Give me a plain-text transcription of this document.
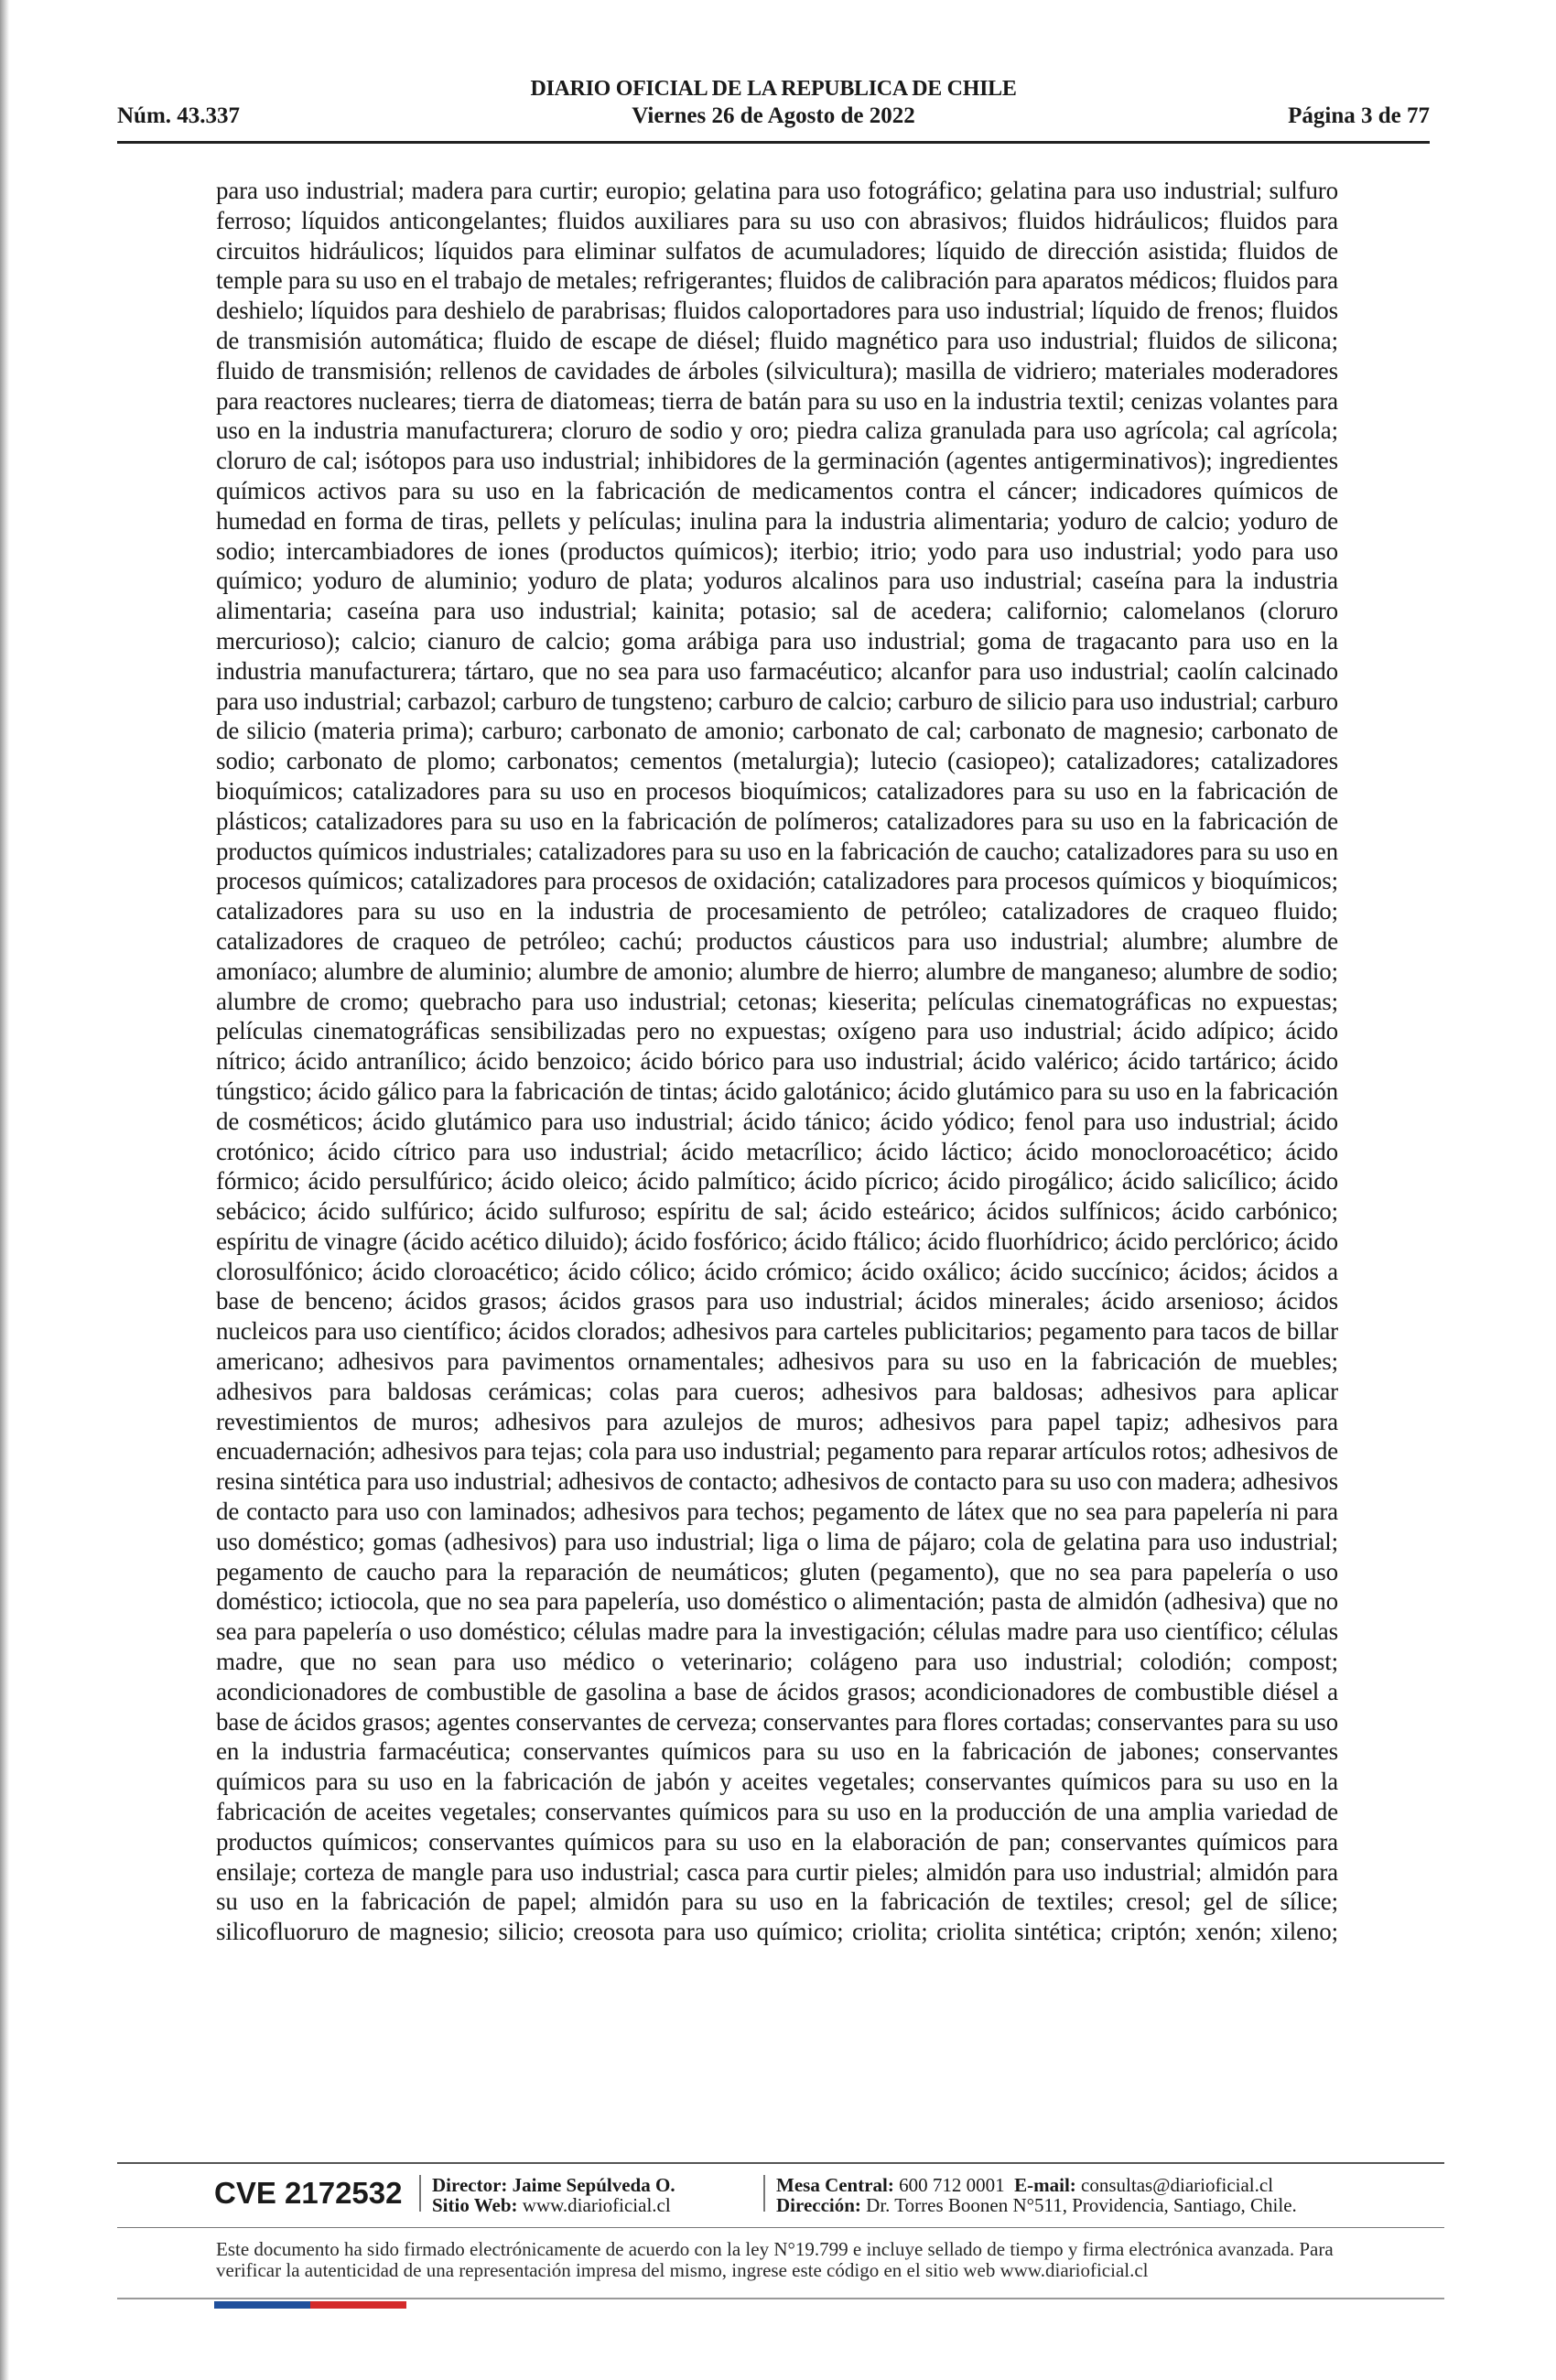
DIARIO OFICIAL DE LA REPUBLICA DE CHILE
Viernes 26 de Agosto de 2022
Núm. 43.337	Página 3 de 77
para uso industrial; madera para curtir; europio; gelatina para uso fotográfico; gelatina para uso industrial; sulfuro ferroso; líquidos anticongelantes; fluidos auxiliares para su uso con abrasivos; fluidos hidráulicos; fluidos para circuitos hidráulicos; líquidos para eliminar sulfatos de acumuladores; líquido de dirección asistida; fluidos de temple para su uso en el trabajo de metales; refrigerantes; fluidos de calibración para aparatos médicos; fluidos para deshielo; líquidos para deshielo de parabrisas; fluidos caloportadores para uso industrial; líquido de frenos; fluidos de transmisión automática; fluido de escape de diésel; fluido magnético para uso industrial; fluidos de silicona; fluido de transmisión; rellenos de cavidades de árboles (silvicultura); masilla de vidriero; materiales moderadores para reactores nucleares; tierra de diatomeas; tierra de batán para su uso en la industria textil; cenizas volantes para uso en la industria manufacturera; cloruro de sodio y oro; piedra caliza granulada para uso agrícola; cal agrícola; cloruro de cal; isótopos para uso industrial; inhibidores de la germinación (agentes antigerminativos); ingredientes químicos activos para su uso en la fabricación de medicamentos contra el cáncer; indicadores químicos de humedad en forma de tiras, pellets y películas; inulina para la industria alimentaria; yoduro de calcio; yoduro de sodio; intercambiadores de iones (productos químicos); iterbio; itrio; yodo para uso industrial; yodo para uso químico; yoduro de aluminio; yoduro de plata; yoduros alcalinos para uso industrial; caseína para la industria alimentaria; caseína para uso industrial; kainita; potasio; sal de acedera; californio; calomelanos (cloruro mercurioso); calcio; cianuro de calcio; goma arábiga para uso industrial; goma de tragacanto para uso en la industria manufacturera; tártaro, que no sea para uso farmacéutico; alcanfor para uso industrial; caolín calcinado para uso industrial; carbazol; carburo de tungsteno; carburo de calcio; carburo de silicio para uso industrial; carburo de silicio (materia prima); carburo; carbonato de amonio; carbonato de cal; carbonato de magnesio; carbonato de sodio; carbonato de plomo; carbonatos; cementos (metalurgia); lutecio (casiopeo); catalizadores; catalizadores bioquímicos; catalizadores para su uso en procesos bioquímicos; catalizadores para su uso en la fabricación de plásticos; catalizadores para su uso en la fabricación de polímeros; catalizadores para su uso en la fabricación de productos químicos industriales; catalizadores para su uso en la fabricación de caucho; catalizadores para su uso en procesos químicos; catalizadores para procesos de oxidación; catalizadores para procesos químicos y bioquímicos; catalizadores para su uso en la industria de procesamiento de petróleo; catalizadores de craqueo fluido; catalizadores de craqueo de petróleo; cachú; productos cáusticos para uso industrial; alumbre; alumbre de amoníaco; alumbre de aluminio; alumbre de amonio; alumbre de hierro; alumbre de manganeso; alumbre de sodio; alumbre de cromo; quebracho para uso industrial; cetonas; kieserita; películas cinematográficas no expuestas; películas cinematográficas sensibilizadas pero no expuestas; oxígeno para uso industrial; ácido adípico; ácido nítrico; ácido antranílico; ácido benzoico; ácido bórico para uso industrial; ácido valérico; ácido tartárico; ácido túngstico; ácido gálico para la fabricación de tintas; ácido galotánico; ácido glutámico para su uso en la fabricación de cosméticos; ácido glutámico para uso industrial; ácido tánico; ácido yódico; fenol para uso industrial; ácido crotónico; ácido cítrico para uso industrial; ácido metacrílico; ácido láctico; ácido monocloroacético; ácido fórmico; ácido persulfúrico; ácido oleico; ácido palmítico; ácido pícrico; ácido pirogálico; ácido salicílico; ácido sebácico; ácido sulfúrico; ácido sulfuroso; espíritu de sal; ácido esteárico; ácidos sulfínicos; ácido carbónico; espíritu de vinagre (ácido acético diluido); ácido fosfórico; ácido ftálico; ácido fluorhídrico; ácido perclórico; ácido clorosulfónico; ácido cloroacético; ácido cólico; ácido crómico; ácido oxálico; ácido succínico; ácidos; ácidos a base de benceno; ácidos grasos; ácidos grasos para uso industrial; ácidos minerales; ácido arsenioso; ácidos nucleicos para uso científico; ácidos clorados; adhesivos para carteles publicitarios; pegamento para tacos de billar americano; adhesivos para pavimentos ornamentales; adhesivos para su uso en la fabricación de muebles; adhesivos para baldosas cerámicas; colas para cueros; adhesivos para baldosas; adhesivos para aplicar revestimientos de muros; adhesivos para azulejos de muros; adhesivos para papel tapiz; adhesivos para encuadernación; adhesivos para tejas; cola para uso industrial; pegamento para reparar artículos rotos; adhesivos de resina sintética para uso industrial; adhesivos de contacto; adhesivos de contacto para su uso con madera; adhesivos de contacto para uso con laminados; adhesivos para techos; pegamento de látex que no sea para papelería ni para uso doméstico; gomas (adhesivos) para uso industrial; liga o lima de pájaro; cola de gelatina para uso industrial; pegamento de caucho para la reparación de neumáticos; gluten (pegamento), que no sea para papelería o uso doméstico; ictiocola, que no sea para papelería, uso doméstico o alimentación; pasta de almidón (adhesiva) que no sea para papelería o uso doméstico; células madre para la investigación; células madre para uso científico; células madre, que no sean para uso médico o veterinario; colágeno para uso industrial; colodión; compost; acondicionadores de combustible de gasolina a base de ácidos grasos; acondicionadores de combustible diésel a base de ácidos grasos; agentes conservantes de cerveza; conservantes para flores cortadas; conservantes para su uso en la industria farmacéutica; conservantes químicos para su uso en la fabricación de jabones; conservantes químicos para su uso en la fabricación de jabón y aceites vegetales; conservantes químicos para su uso en la fabricación de aceites vegetales; conservantes químicos para su uso en la producción de una amplia variedad de productos químicos; conservantes químicos para su uso en la elaboración de pan; conservantes químicos para ensilaje; corteza de mangle para uso industrial; casca para curtir pieles; almidón para uso industrial; almidón para su uso en la fabricación de papel; almidón para su uso en la fabricación de textiles; cresol; gel de sílice; silicofluoruro de magnesio; silicio; creosota para uso químico; criolita; criolita sintética; criptón; xenón; xileno;
CVE 2172532 Director: Jaime Sepúlveda O.
Sitio Web: www.diarioficial.cl
Mesa Central: 600 712 0001 E-mail: consultas@diarioficial.cl
Dirección: Dr. Torres Boonen N°511, Providencia, Santiago, Chile.
Este documento ha sido firmado electrónicamente de acuerdo con la ley N°19.799 e incluye sellado de tiempo y firma electrónica avanzada. Para verificar la autenticidad de una representación impresa del mismo, ingrese este código en el sitio web www.diarioficial.cl
